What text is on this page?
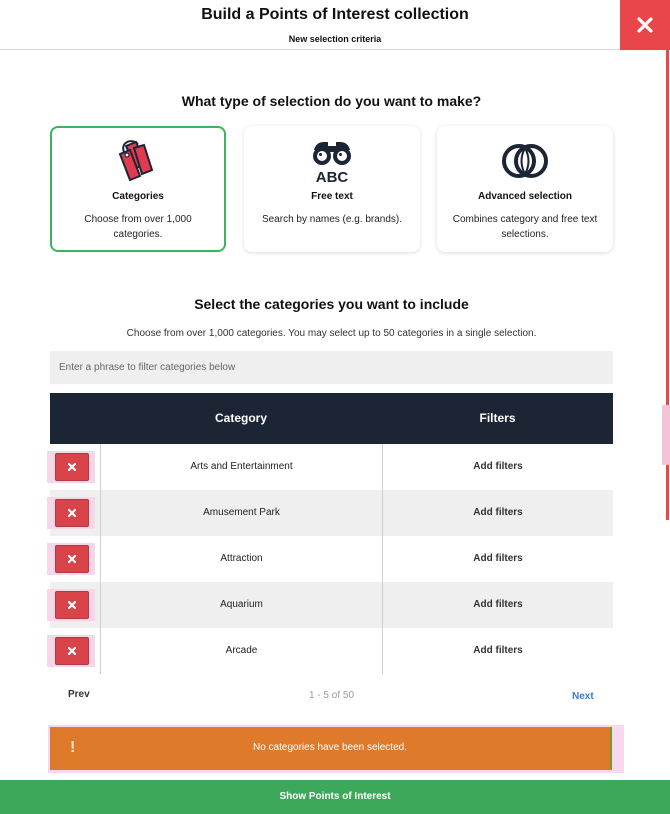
Build a Points of Interest collection
New selection criteria
What type of selection do you want to make?
Categories
Choose from over 1,000 categories.
ABC
Free text
Search by names (e.g. brands).
Advanced selection
Combines category and free text selections.
Select the categories you want to include
Choose from over 1,000 categories. You may select up to 50 categories in a single selection.
Enter a phrase to filter categories below
Category	Filters
Arts and Entertainment	Add filters
Amusement Park	Add filters
Attraction	Add filters
Aquarium	Add filters
Arcade	Add filters
Prev	1 - 5 of 50	Next
!	No categories have been selected.
Show Points of Interest
